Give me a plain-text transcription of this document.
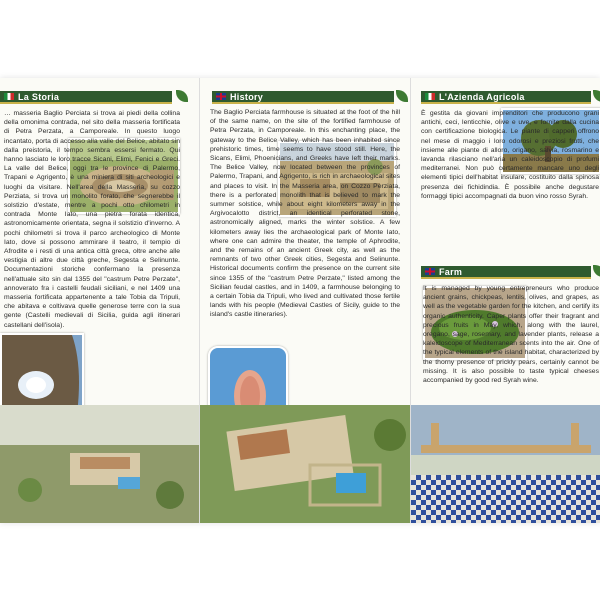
La Storia
… masseria Baglio Perciata si trova ai piedi della collina della omonima contrada, nel sito della masseria fortificata di Petra Perzata, a Camporeale. In questo luogo incantato, porta di accesso alla valle del Belice, abitato sin dalla preistoria, il tempo sembra essersi fermato. Qui hanno lasciato le loro tracce Sicani, Elimi, Fenici e Greci. La valle del Belice, oggi tra le province di Palermo, Trapani e Agrigento, è una miniera di siti archeologici e luoghi da visitare. Nell'area della Masseria, su cozzo Perziata, si trova un monolito forato, che segnerebbe il solstizio d'estate, mentre a pochi otto chilometri in contrada Monte Iato, una pietra forata identica, astronomicamente orientata, segna il solstizio d'inverno. A pochi chilometri si trova il parco archeologico di Monte Iato, dove si possono ammirare il teatro, il tempio di Afrodite e i resti di una antica città greca, oltre anche alle vestigia di altre due città greche, Segesta e Selinunte. Documentazioni storiche confermano la presenza nell'attuale sito sin dal 1355 del "castrum Petre Perzate", annoverato fra i castelli feudali siciliani, e nel 1409 una masseria fortificata appartenente a tale Tobia da Tripuli, che abitava e coltivava quelle generose terre con la sua gente (Castelli medievali di Sicilia, guida agli itinerari castellani dell'isola).
History
The Baglio Perciata farmhouse is situated at the foot of the hill of the same name, on the site of the fortified farmhouse of Petra Perzata, in Camporeale. In this enchanting place, the gateway to the Belice Valley, which has been inhabited since prehistoric times, time seems to have stood still. Here, the Sicans, Elimi, Phoenicians, and Greeks have left their marks. The Belice Valley, now located between the provinces of Palermo, Trapani, and Agrigento, is rich in archaeological sites and places to visit. In the Masseria area, on Cozzo Perziata, there is a perforated monolith that is believed to mark the summer solstice, while about eight kilometers away in the Argivocalotto district, an identical perforated stone, astronomically aligned, marks the winter solstice. A few kilometers away lies the archaeological park of Monte Iato, where one can admire the theater, the temple of Aphrodite, and the remains of an ancient Greek city, as well as the remnants of two other Greek cities, Segesta and Selinunte. Historical documents confirm the presence on the current site since 1355 of the "castrum Petre Perzate," listed among the Sicilian feudal castles, and in 1409, a farmhouse belonging to a certain Tobia da Tripuli, who lived and cultivated those fertile lands with his people (Medieval Castles of Sicily, guide to the island's castle itineraries).
L'Azienda Agricola
È gestita da giovani imprenditori che producono grani antichi, ceci, lenticchie, olive e uve, e fornite dalla cucina con certificazione biologica. Le piante di capperi offrono nel mese di maggio i loro odorosi e preziosi frutti, che insieme alle piante di alloro, origano, salvia, rosmarino e lavanda rilasciano nell'aria un caleidoscopio di profumi mediterranei. Non può certamente mancare uno degli elementi tipici dell'habitat insulare, costituito dalla spinosa presenza dei fichidindia. È possibile anche degustare formaggi tipici accompagnati da buon vino rosso Syrah.
Farm
It is managed by young entrepreneurs who produce ancient grains, chickpeas, lentils, olives, and grapes, as well as the vegetable garden for the kitchen, and certify its organic authenticity. Caper plants offer their fragrant and precious fruits in May, which, along with the laurel, oregano, sage, rosemary, and lavender plants, release a kaleidoscope of Mediterranean scents into the air. One of the typical elements of the island habitat, characterized by the thorny presence of prickly pears, certainly cannot be missing. It is also possible to taste typical cheeses accompanied by good red Syrah wine.
